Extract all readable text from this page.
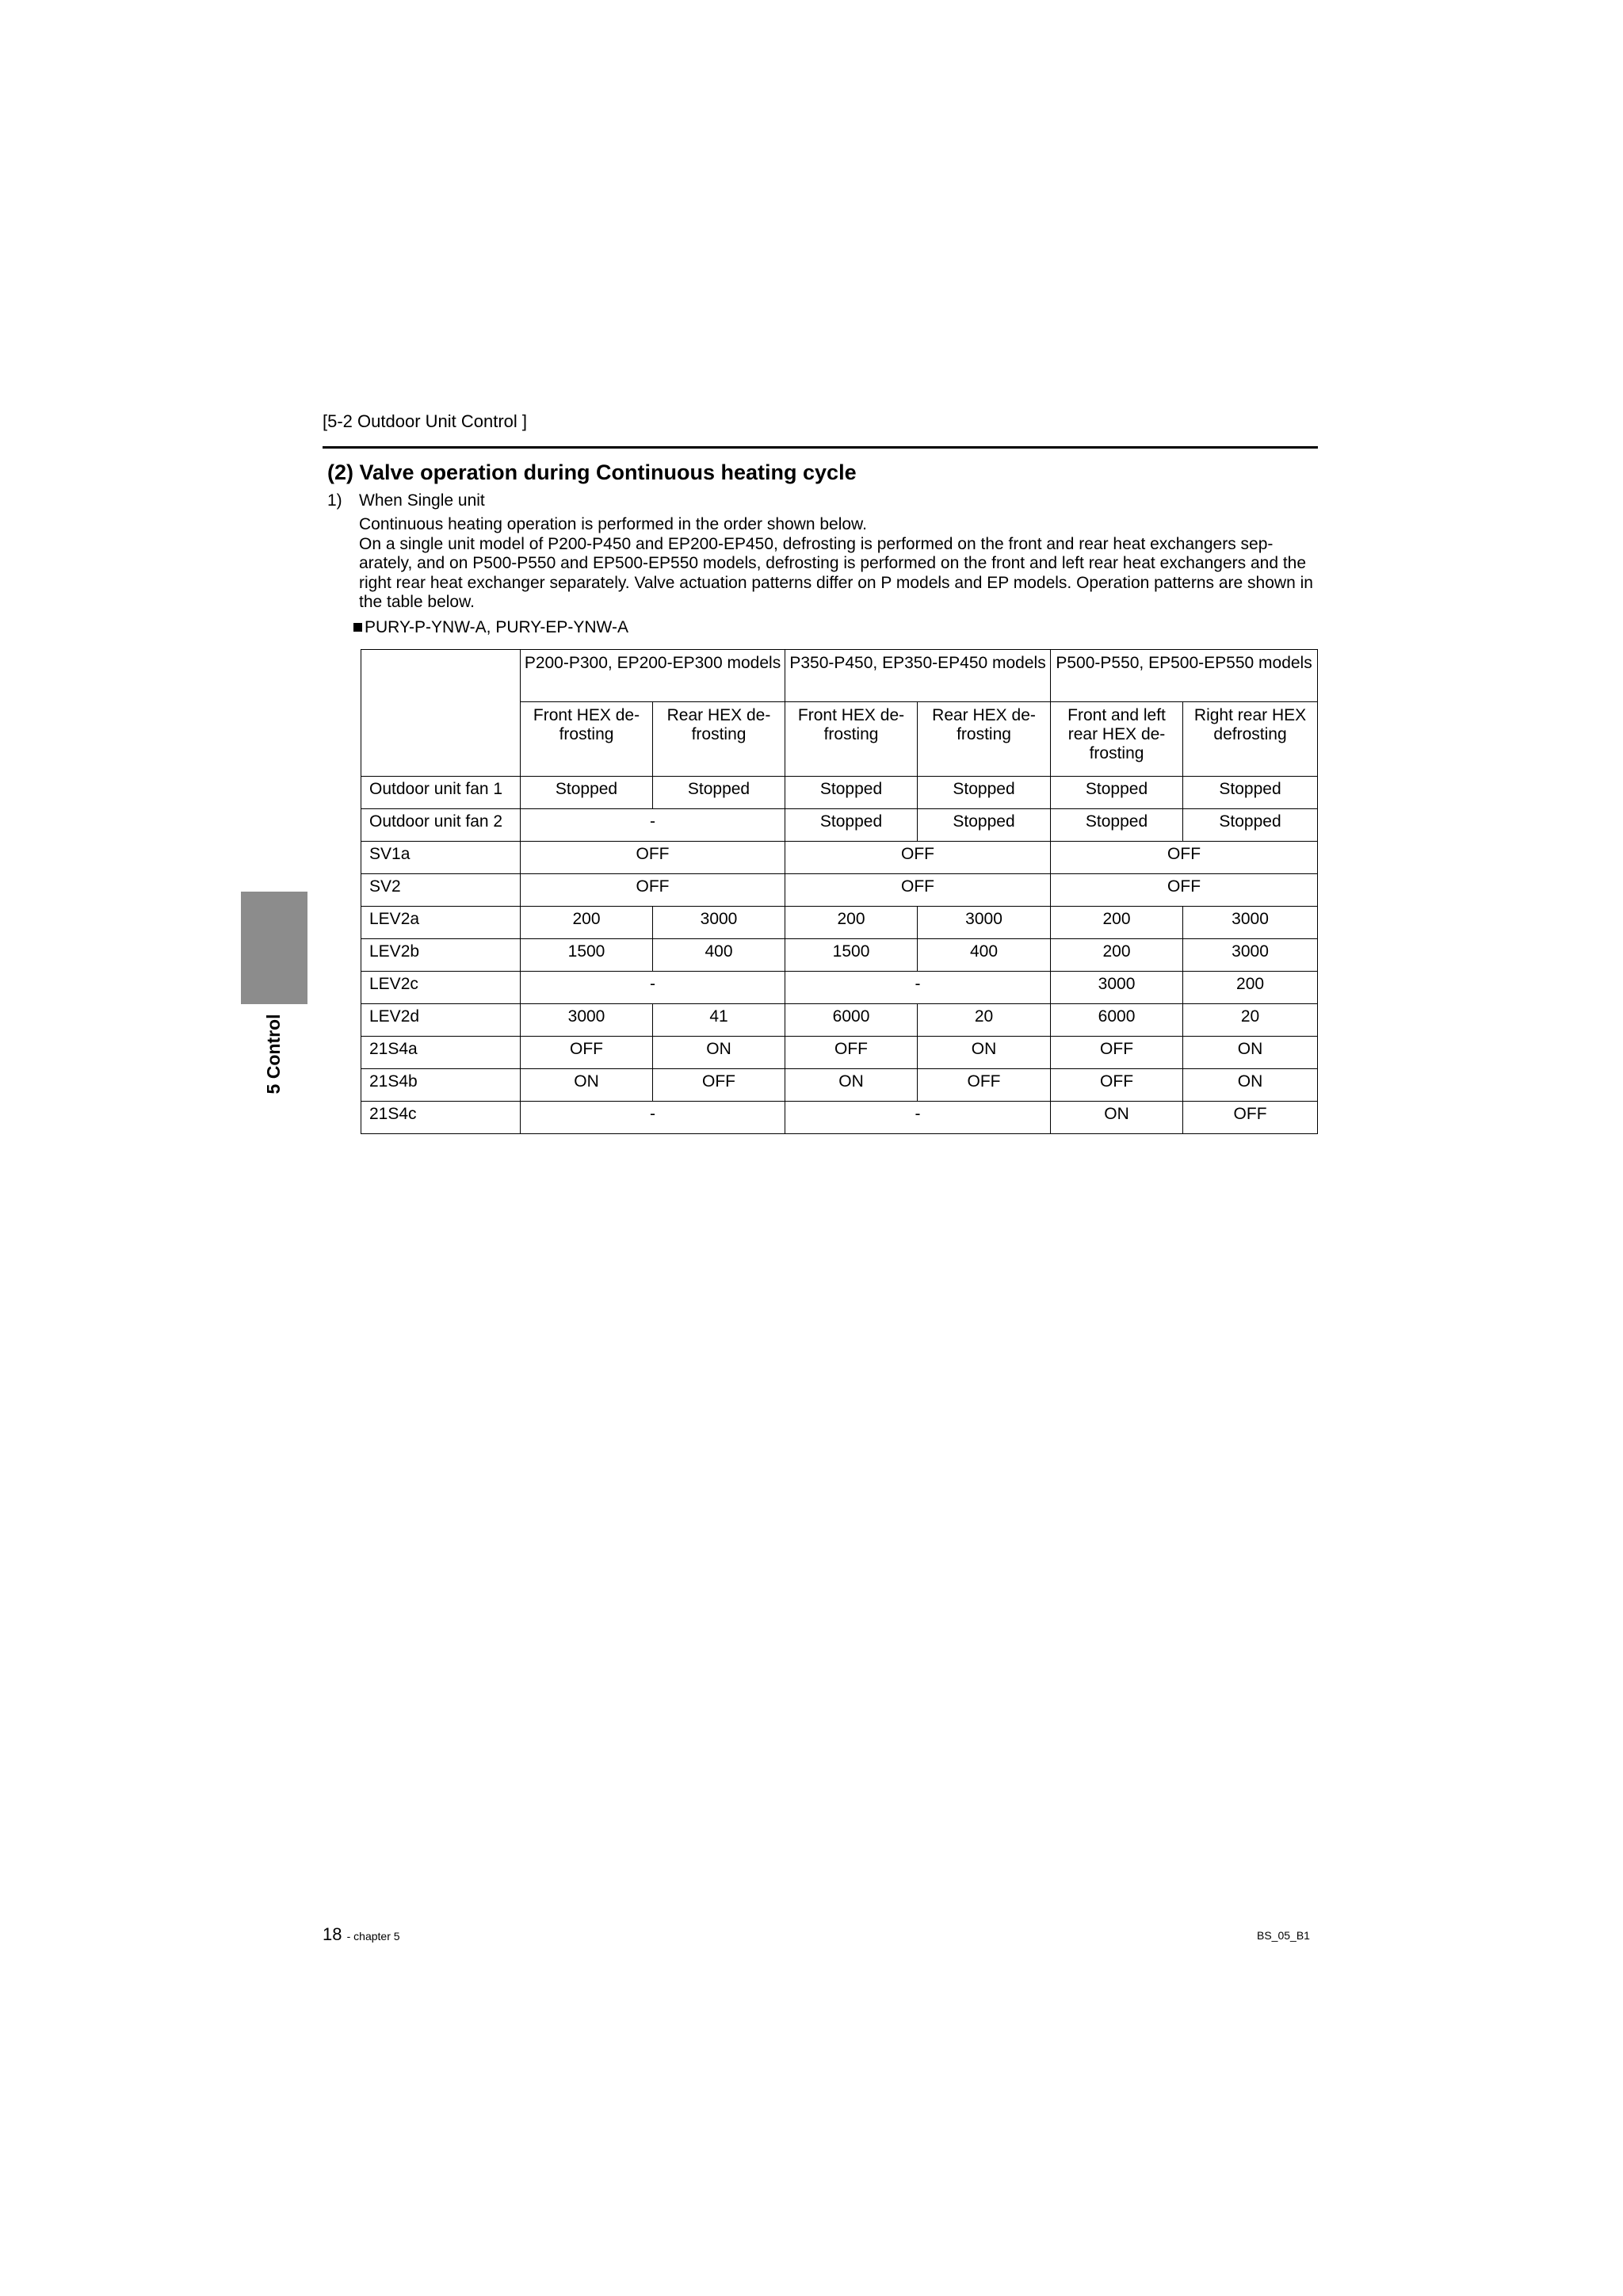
[5-2 Outdoor Unit Control ]
(2) Valve operation during Continuous heating cycle
1) When Single unit

Continuous heating operation is performed in the order shown below.

On a single unit model of P200-P450 and EP200-EP450, defrosting is performed on the front and rear heat exchangers sep-arately, and on P500-P550 and EP500-EP550 models, defrosting is performed on the front and left rear heat exchangers and the right rear heat exchanger separately. Valve actuation patterns differ on P models and EP models. Operation patterns are shown in the table below.

PURY-P-YNW-A, PURY-EP-YNW-A
5 Control
	P200-P300, EP200-EP300 models		P350-P450, EP350-EP450 models		P500-P550, EP500-EP550 models	
	Front HEX de-frosting	Rear HEX de-frosting	Front HEX de-frosting	Rear HEX de-frosting	Front and left rear HEX de-frosting	Right rear HEX defrosting
Outdoor unit fan 1	Stopped	Stopped	Stopped	Stopped	Stopped	Stopped
Outdoor unit fan 2	-		Stopped	Stopped	Stopped	Stopped
SV1a	OFF		OFF		OFF	
SV2	OFF		OFF		OFF	
LEV2a	200	3000	200	3000	200	3000
LEV2b	1500	400	1500	400	200	3000
LEV2c	-		-		3000	200
LEV2d	3000	41	6000	20	6000	20
21S4a	OFF	ON	OFF	ON	OFF	ON
21S4b	ON	OFF	ON	OFF	OFF	ON
21S4c	-		-		ON	OFF
18 - chapter 5	BS_05_B1
